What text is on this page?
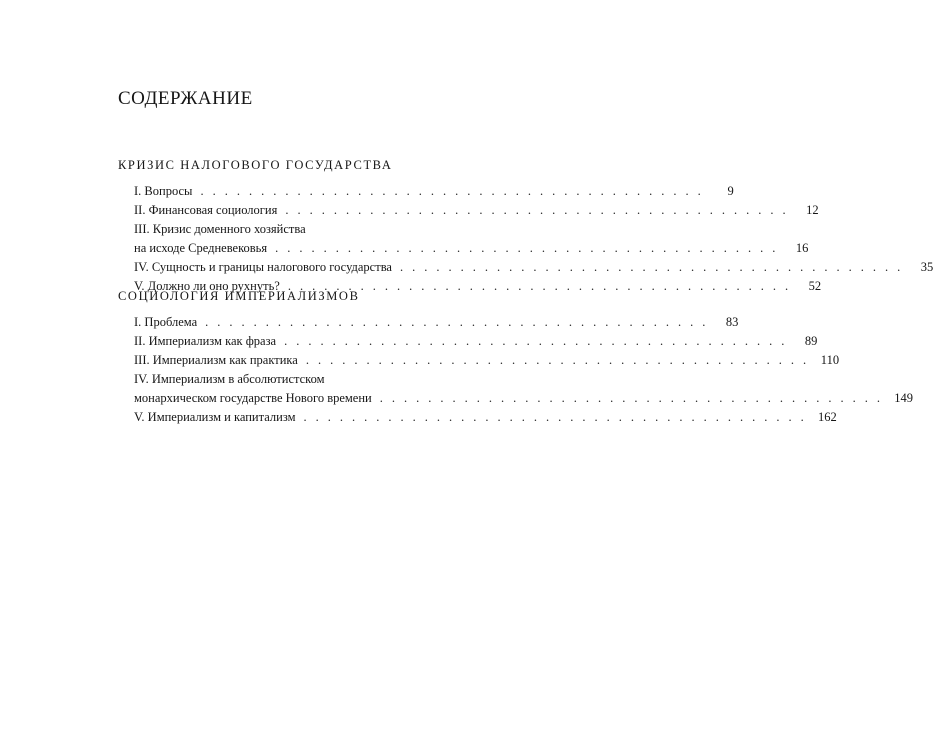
СОДЕРЖАНИЕ
КРИЗИС НАЛОГОВОГО ГОСУДАРСТВА
I. Вопросы ..........................................	9
II. Финансовая социология .......................................... 12
III. Кризис доменного хозяйства
на исходе Средневековья .......................................... 16
IV. Сущность и границы налогового государства .......................................... 35
V. Должно ли оно рухнуть? .......................................... 52
СОЦИОЛОГИЯ ИМПЕРИАЛИЗМОВ
I. Проблема .......................................... 83
II. Империализм как фраза .......................................... 89
III. Империализм как практика .......................................... 110
IV. Империализм в абсолютистском
монархическом государстве Нового времени .......................................... 149
V. Империализм и капитализм .......................................... 162
